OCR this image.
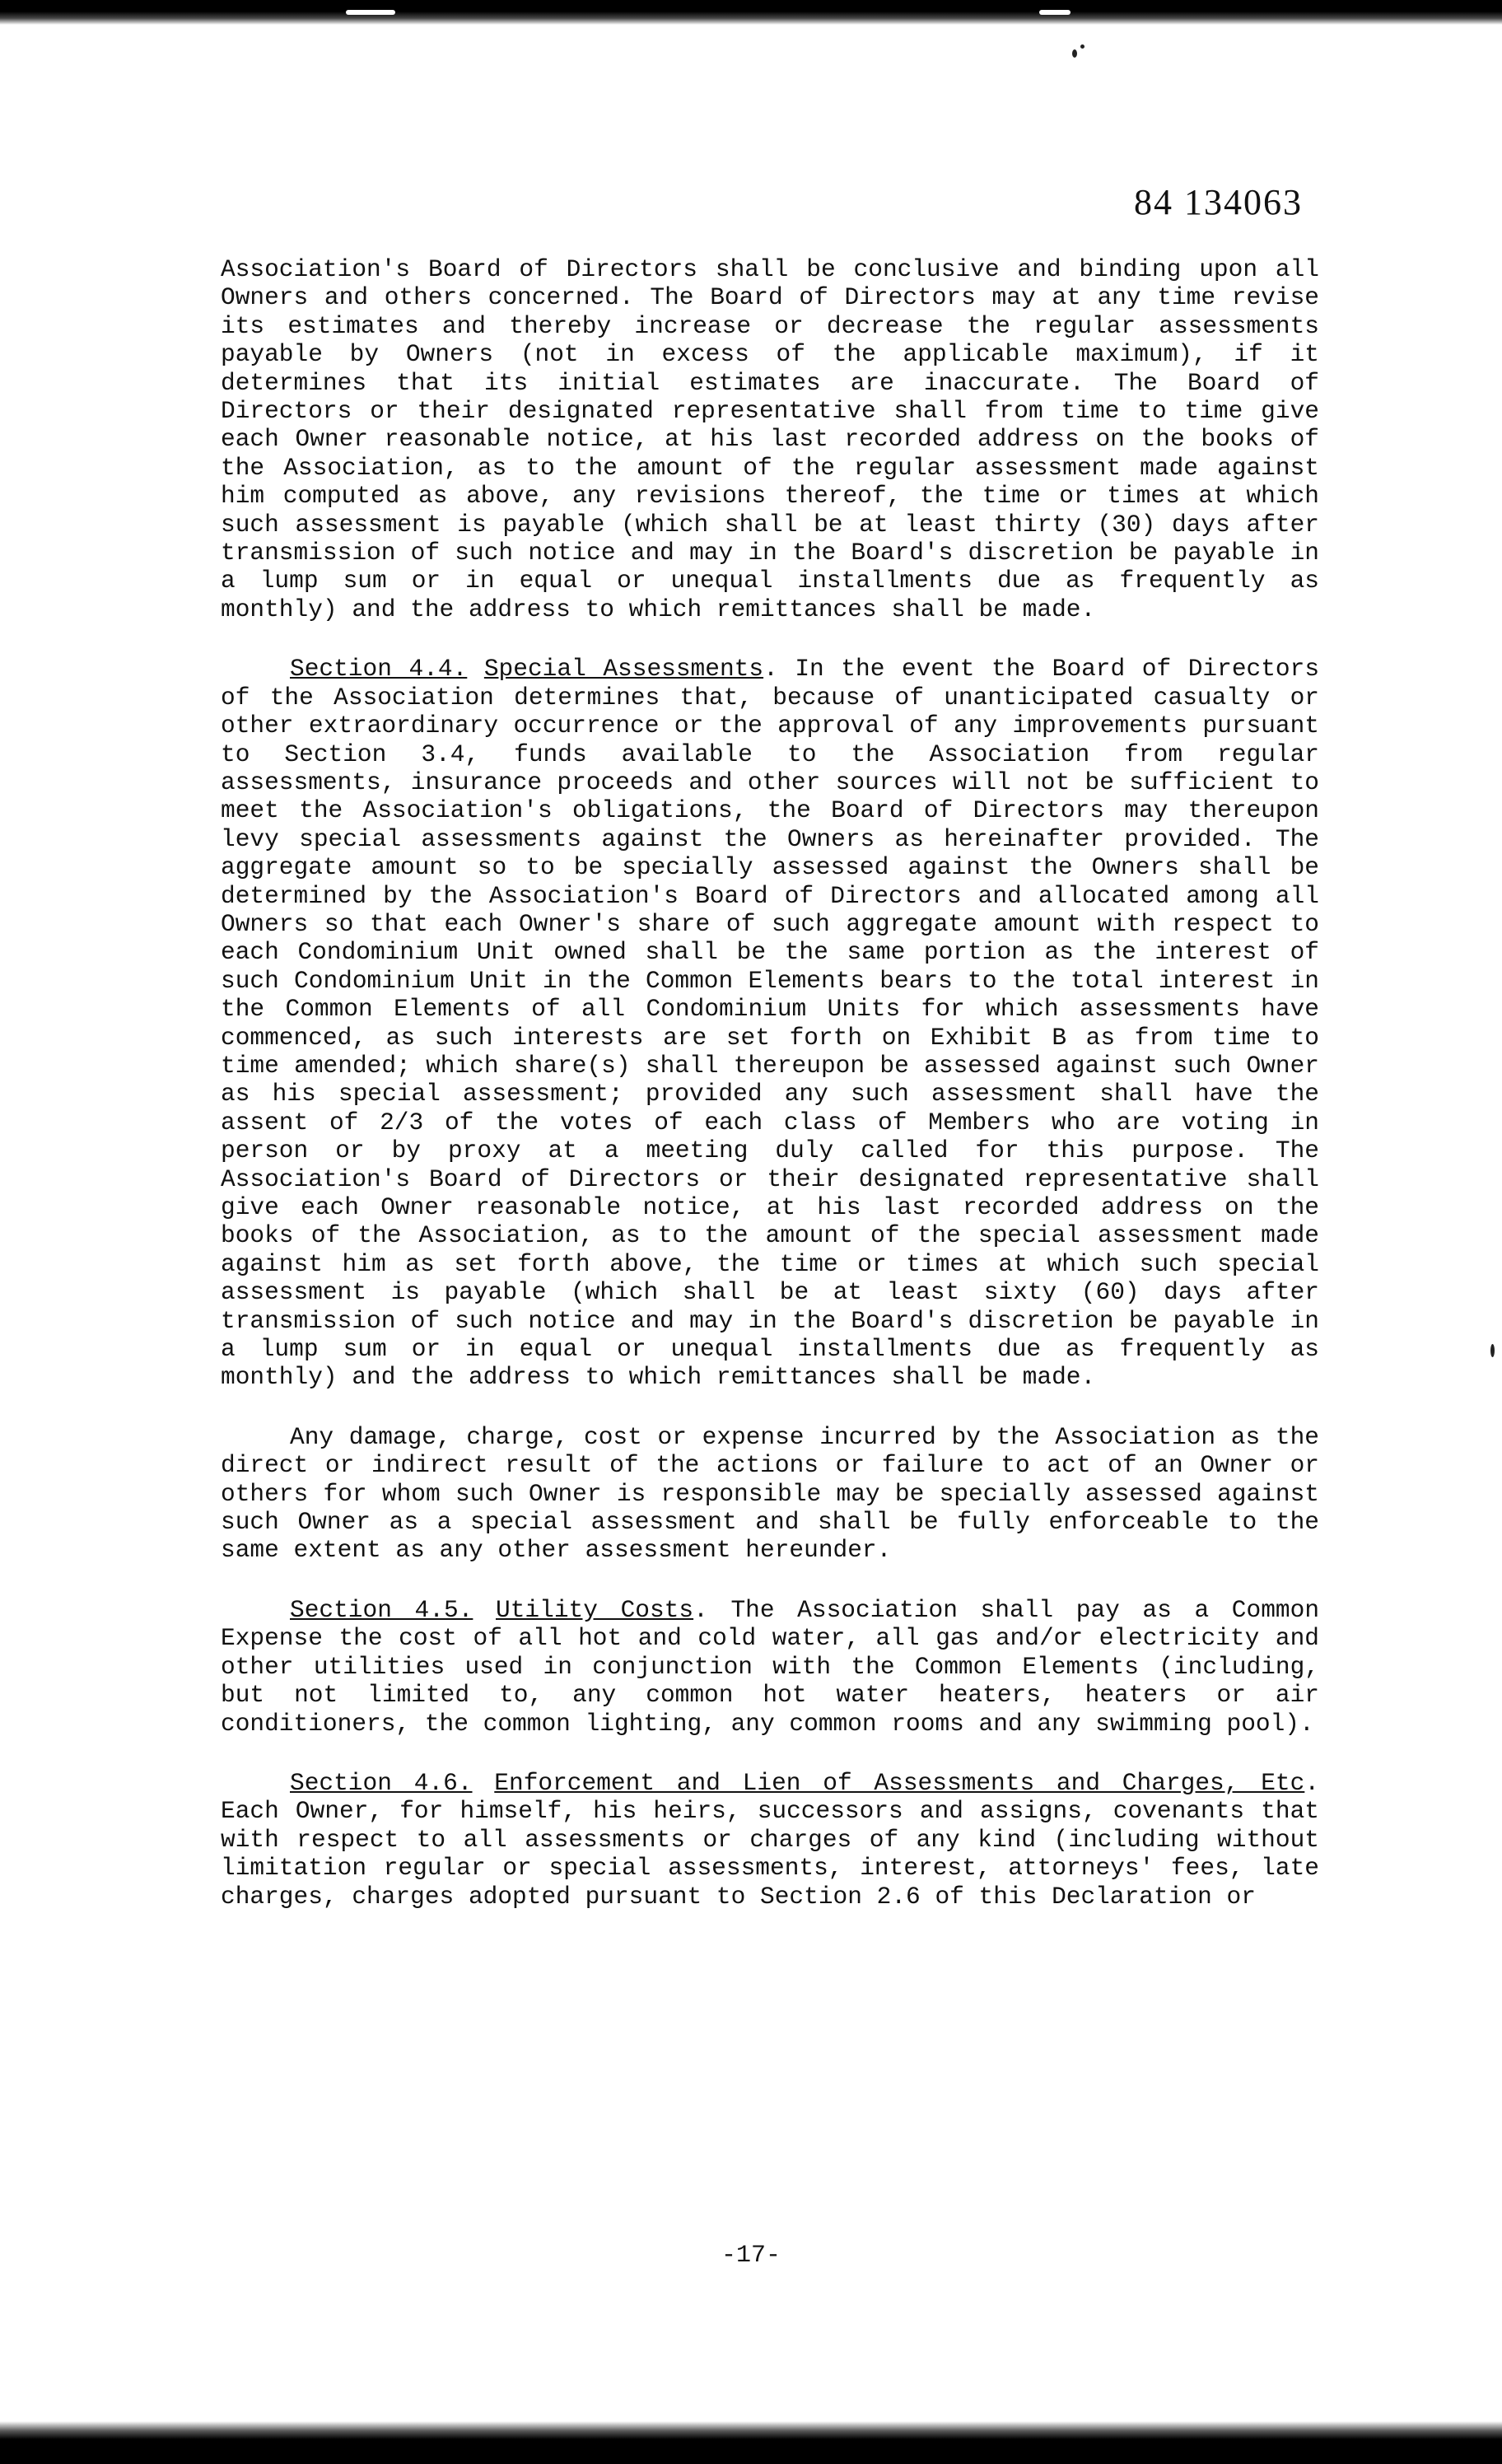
84 134063

Association's Board of Directors shall be conclusive and binding upon all Owners and others concerned. The Board of Directors may at any time revise its estimates and thereby increase or decrease the regular assessments payable by Owners (not in excess of the applicable maximum), if it determines that its initial estimates are inaccurate. The Board of Directors or their designated representative shall from time to time give each Owner reasonable notice, at his last recorded address on the books of the Association, as to the amount of the regular assessment made against him computed as above, any revisions thereof, the time or times at which such assessment is payable (which shall be at least thirty (30) days after transmission of such notice and may in the Board's discretion be payable in a lump sum or in equal or unequal installments due as frequently as monthly) and the address to which remittances shall be made.

Section 4.4. Special Assessments. In the event the Board of Directors of the Association determines that, because of unanticipated casualty or other extraordinary occurrence or the approval of any improvements pursuant to Section 3.4, funds available to the Association from regular assessments, insurance proceeds and other sources will not be sufficient to meet the Association's obligations, the Board of Directors may thereupon levy special assessments against the Owners as hereinafter provided. The aggregate amount so to be specially assessed against the Owners shall be determined by the Association's Board of Directors and allocated among all Owners so that each Owner's share of such aggregate amount with respect to each Condominium Unit owned shall be the same portion as the interest of such Condominium Unit in the Common Elements bears to the total interest in the Common Elements of all Condominium Units for which assessments have commenced, as such interests are set forth on Exhibit B as from time to time amended; which share(s) shall thereupon be assessed against such Owner as his special assessment; provided any such assessment shall have the assent of 2/3 of the votes of each class of Members who are voting in person or by proxy at a meeting duly called for this purpose. The Association's Board of Directors or their designated representative shall give each Owner reasonable notice, at his last recorded address on the books of the Association, as to the amount of the special assessment made against him as set forth above, the time or times at which such special assessment is payable (which shall be at least sixty (60) days after transmission of such notice and may in the Board's discretion be payable in a lump sum or in equal or unequal installments due as frequently as monthly) and the address to which remittances shall be made.

Any damage, charge, cost or expense incurred by the Association as the direct or indirect result of the actions or failure to act of an Owner or others for whom such Owner is responsible may be specially assessed against such Owner as a special assessment and shall be fully enforceable to the same extent as any other assessment hereunder.

Section 4.5. Utility Costs. The Association shall pay as a Common Expense the cost of all hot and cold water, all gas and/or electricity and other utilities used in conjunction with the Common Elements (including, but not limited to, any common hot water heaters, heaters or air conditioners, the common lighting, any common rooms and any swimming pool).

Section 4.6. Enforcement and Lien of Assessments and Charges, Etc. Each Owner, for himself, his heirs, successors and assigns, covenants that with respect to all assessments or charges of any kind (including without limitation regular or special assessments, interest, attorneys' fees, late charges, charges adopted pursuant to Section 2.6 of this Declaration or

-17-
